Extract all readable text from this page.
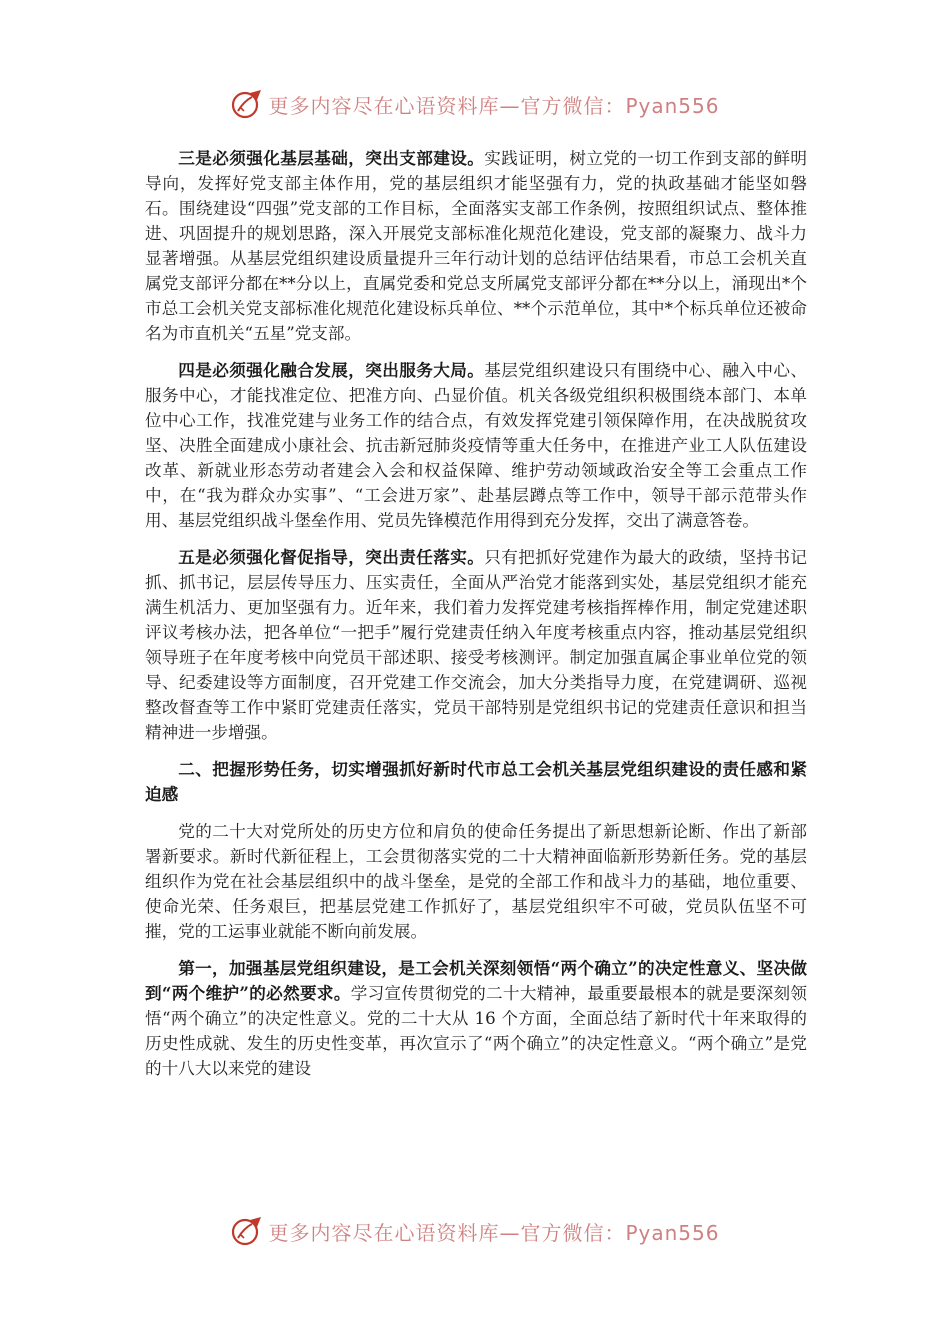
更多内容尽在心语资料库—官方微信：Pyan556

三是必须强化基层基础，突出支部建设。实践证明，树立党的一切工作到支部的鲜明导向，发挥好党支部主体作用，党的基层组织才能坚强有力，党的执政基础才能坚如磐石。围绕建设“四强”党支部的工作目标，全面落实支部工作条例，按照组织试点、整体推进、巩固提升的规划思路，深入开展党支部标准化规范化建设，党支部的凝聚力、战斗力显著增强。从基层党组织建设质量提升三年行动计划的总结评估结果看，市总工会机关直属党支部评分都在**分以上，直属党委和党总支所属党支部评分都在**分以上，涌现出*个市总工会机关党支部标准化规范化建设标兵单位、**个示范单位，其中*个标兵单位还被命名为市直机关“五星”党支部。

四是必须强化融合发展，突出服务大局。基层党组织建设只有围绕中心、融入中心、服务中心，才能找准定位、把准方向、凸显价值。机关各级党组织积极围绕本部门、本单位中心工作，找准党建与业务工作的结合点，有效发挥党建引领保障作用，在决战脱贫攻坚、决胜全面建成小康社会、抗击新冠肺炎疫情等重大任务中，在推进产业工人队伍建设改革、新就业形态劳动者建会入会和权益保障、维护劳动领域政治安全等工会重点工作中，在“我为群众办实事”、“工会进万家”、赴基层蹲点等工作中，领导干部示范带头作用、基层党组织战斗堡垒作用、党员先锋模范作用得到充分发挥，交出了满意答卷。

五是必须强化督促指导，突出责任落实。只有把抓好党建作为最大的政绩，坚持书记抓、抓书记，层层传导压力、压实责任，全面从严治党才能落到实处，基层党组织才能充满生机活力、更加坚强有力。近年来，我们着力发挥党建考核指挥棒作用，制定党建述职评议考核办法，把各单位“一把手”履行党建责任纳入年度考核重点内容，推动基层党组织领导班子在年度考核中向党员干部述职、接受考核测评。制定加强直属企事业单位党的领导、纪委建设等方面制度，召开党建工作交流会，加大分类指导力度，在党建调研、巡视整改督查等工作中紧盯党建责任落实，党员干部特别是党组织书记的党建责任意识和担当精神进一步增强。

二、把握形势任务，切实增强抓好新时代市总工会机关基层党组织建设的责任感和紧迫感

党的二十大对党所处的历史方位和肩负的使命任务提出了新思想新论断、作出了新部署新要求。新时代新征程上，工会贯彻落实党的二十大精神面临新形势新任务。党的基层组织作为党在社会基层组织中的战斗堡垒，是党的全部工作和战斗力的基础，地位重要、使命光荣、任务艰巨，把基层党建工作抓好了，基层党组织牢不可破，党员队伍坚不可摧，党的工运事业就能不断向前发展。

第一，加强基层党组织建设，是工会机关深刻领悟“两个确立”的决定性意义、坚决做到“两个维护”的必然要求。学习宣传贯彻党的二十大精神，最重要最根本的就是要深刻领悟“两个确立”的决定性意义。党的二十大从 16 个方面，全面总结了新时代十年来取得的历史性成就、发生的历史性变革，再次宣示了“两个确立”的决定性意义。“两个确立”是党的十八大以来党的建设

更多内容尽在心语资料库—官方微信：Pyan556
